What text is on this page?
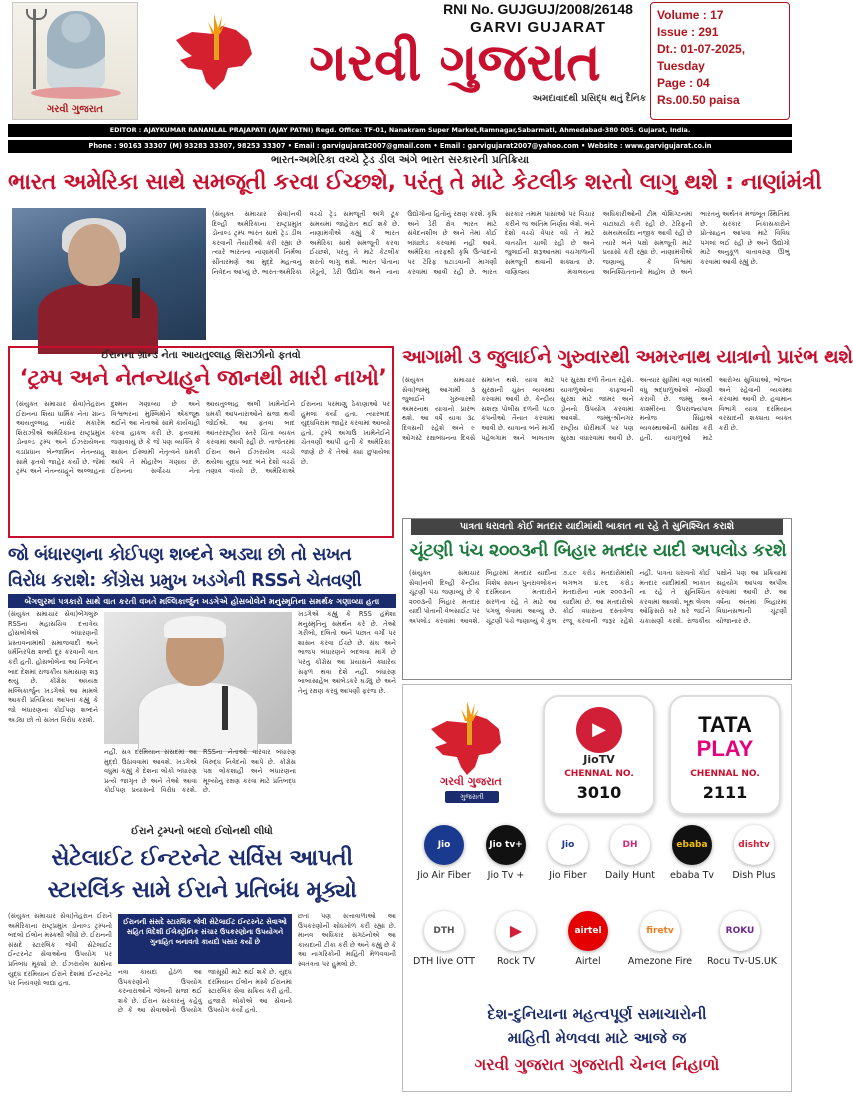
ગરવી ગુજરાત
RNI No. GUJGUJ/2008/26148
GARVI GUJARAT
ગરવી ગુજરાત
અમદાવાદથી પ્રસિદ્ધ થતું દૈનિક
Volume : 17
Issue : 291
Dt.: 01-07-2025,
Tuesday
Page : 04
Rs.00.50 paisa
EDITOR : AJAYKUMAR RANANLAL PRAJAPATI (AJAY PATNI) Regd. Office: TF-01, Nanakram Super Market,Ramnagar,Sabarmati, Ahmedabad-380 005. Gujarat, India.
Phone : 90163 33307 (M) 93283 33307, 98253 33307 • Email : garvigujarat2007@gmail.com • Email : garvigujarat2007@yahoo.com • Website : www.garvigujarat.co.in
ભારત-અમેરિકા વચ્ચે ટ્રેડ ડીલ અંગે ભારત સરકારની પ્રતિક્રિયા
ભારત અમેરિકા સાથે સમજૂતી કરવા ઈચ્છશે, પરંતુ તે માટે કેટલીક શરતો લાગુ થશે : નાણાંમંત્રી
(સંયુક્ત સમાચાર સેવા)નવી દિલ્હી અમેરિકાના રાષ્ટ્રપ્રમુખ ડોનાલ્ડ ટ્રમ્પ ભારત સાથે ટ્રેડ ડીલ કરવાની તૈયારીઓ કરી રહ્યા છે ત્યારે ભારતના નાણામંત્રી નિર્મલા સીતારમણે આ મુદ્દે મહત્વનું નિવેદન આપ્યું છે. ભારત-અમેરિકા વચ્ચે ટ્રેડ સમજૂતી અંગે ટૂંક સમયમાં જાહેરાત થઈ શકે છે. નાણામંત્રીએ કહ્યું કે ભારત અમેરિકા સાથે સમજૂતી કરવા ઈચ્છશે, પરંતુ તે માટે કેટલીક શરતો લાગુ થશે. ભારત પોતાના ખેડૂતો, ડેરી ઉદ્યોગ અને નાના ઉદ્યોગોના હિતોનું રક્ષણ કરશે. કૃષિ અને ડેરી ક્ષેત્ર ભારત માટે સંવેદનશીલ છે અને તેમાં કોઈ બાંધછોડ કરવામાં નહીં આવે. અમેરિકા તરફથી કૃષિ ઉત્પાદનો પર ટેરિફ ઘટાડવાની માગણી કરવામાં આવી રહી છે. ભારત સરકાર તમામ પાસાંઓ પર વિચાર કરીને જ અંતિમ નિર્ણય લેશે. બંને દેશો વચ્ચે વેપાર વધે તે માટે વાતચીત ચાલી રહી છે અને જુલાઈની શરૂઆતમાં વચગાળાની સમજૂતી થવાની શક્યતા છે. વાણિજ્ય મંત્રાલયના અધિકારીઓની ટીમ વોશિંગ્ટનમાં વાટાઘાટો કરી રહી છે. ટેરિફની સમયમર્યાદા નજીક આવી રહી છે ત્યારે બંને પક્ષો સમજૂતી માટે પ્રયાસો કરી રહ્યા છે. નાણામંત્રીએ જણાવ્યું કે વિશ્વમાં અનિશ્ચિતતાનો માહોલ છે અને ભારતનું અર્થતંત્ર મજબૂત સ્થિતિમાં છે. સરકાર નિકાસકારોને પ્રોત્સાહન આપવા માટે વિવિધ પગલાં લઈ રહી છે અને ઉદ્યોગો માટે અનુકૂળ વાતાવરણ ઊભું કરવામાં આવી રહ્યું છે.
ઈરાનના ગ્રાન્ડ નેતા આયતુલ્લાહ શિરાઝીનો ફતવો
‘ટ્રમ્પ અને નેતન્યાહૂને જાનથી મારી નાખો’
(સંયુક્ત સમાચાર સેવા)તેહરાન ઈરાનના શિયા ધાર્મિક નેતા ગ્રાન્ડ આયતુલ્લાહ નાસેર મકારેમ શિરાઝીએ અમેરિકાના રાષ્ટ્રપ્રમુખ ડોનાલ્ડ ટ્રમ્પ અને ઈઝરાયેલના વડાપ્રધાન બેન્જામિન નેતન્યાહૂ સામે ફતવો જાહેર કર્યો છે. જેમાં ટ્રમ્પ અને નેતન્યાહૂને અલ્લાહના દુશ્મન ગણાવ્યા છે અને વિશ્વભરના મુસ્લિમોને એકજૂથ થઈને આ નેતાઓ સામે કાર્યવાહી કરવા હાકલ કરી છે. ફતવામાં જણાવાયું છે કે જે પણ વ્યક્તિ કે શાસન ઈસ્લામી નેતૃત્વને ધમકી આપે તે મોહારેબ ગણાય છે. ઈરાનના સર્વોચ્ચ નેતા આયતુલ્લાહ અલી ખામેનેઈને ધમકી આપનારાઓને સજા થવી જોઈએ. આ ફતવા બાદ આંતરરાષ્ટ્રીય સ્તરે ચિંતા વ્યક્ત કરવામાં આવી રહી છે. તાજેતરમાં ઈરાન અને ઈઝરાયેલ વચ્ચે થયેલા યુદ્ધ બાદ બંને દેશો વચ્ચે તણાવ વધ્યો છે. અમેરિકાએ ઈરાનના પરમાણુ ઠેકાણાઓ પર હુમલા કર્યા હતા. ત્યારબાદ યુદ્ધવિરામ જાહેર કરવામાં આવ્યો હતો. ટ્રમ્પે અગાઉ ખામેનેઈને ચેતવણી આપી હતી કે અમેરિકા જાણે છે કે તેઓ ક્યાં છુપાયેલા છે.
આગામી ૩ જુલાઈને ગુરુવારથી અમરનાથ યાત્રાનો પ્રારંભ થશે
(સંયુક્ત સમાચાર સેવા)જમ્મુ આગામી ૩ જુલાઈને ગુરુવારથી અમરનાથ યાત્રાનો પ્રારંભ થશે. આ વર્ષે યાત્રા ૩૮ દિવસની રહેશે અને ૯ ઓગસ્ટે રક્ષાબંધનના દિવસે સમાપ્ત થશે. યાત્રા માટે સુરક્ષાની ચુસ્ત વ્યવસ્થા કરવામાં આવી છે. કેન્દ્રીય સશસ્ત્ર પોલીસ દળની ૫૮૦ કંપનીઓ તૈનાત કરવામાં આવી છે. યાત્રાના બંને માર્ગો પહેલગામ અને બાલતાલ પર સુરક્ષા દળો તૈનાત રહેશે. યાત્રાળુઓના કાફલાની સુરક્ષા માટે જામર અને ડ્રોનનો ઉપયોગ કરવામાં આવશે. જમ્મુ-શ્રીનગર રાષ્ટ્રીય ધોરીમાર્ગ પર પણ સુરક્ષા વધારવામાં આવી છે. અત્યાર સુધીમાં ત્રણ લાખથી વધુ શ્રદ્ધાળુઓએ નોંધણી કરાવી છે. જમ્મુ અને કાશ્મીરના ઉપરાજ્યપાલ મનોજ સિંહાએ વ્યવસ્થાઓની સમીક્ષા કરી હતી. યાત્રાળુઓ માટે આરોગ્ય સુવિધાઓ, ભોજન અને રહેવાની વ્યવસ્થા કરવામાં આવી છે. હવામાન વિભાગે યાત્રા દરમિયાન વરસાદની શક્યતા વ્યક્ત કરી છે.
પાત્રતા ધરાવતો કોઈ મતદાર યાદીમાંથી બાકાત ના રહે તે સુનિશ્ચિત કરાશે
ચૂંટણી પંચ ૨૦૦૩ની બિહાર મતદાર યાદી અપલોડ કરશે
(સંયુક્ત સમાચાર સેવા)નવી દિલ્હી કેન્દ્રીય ચૂંટણી પંચ જણાવ્યું છે કે ૨૦૦૩ની બિહાર મતદાર યાદી પોતાની વેબસાઈટ પર અપલોડ કરવામાં આવશે. બિહારમાં મતદાર યાદીના વિશેષ સઘન પુનરાવલોકન દરમિયાન મતદારોને સરળતા રહે તે માટે આ પગલું લેવામાં આવ્યું છે. ચૂંટણી પંચે જણાવ્યું કે કુલ ૭.૮૯ કરોડ મતદારોમાંથી લગભગ ૪.૯૬ કરોડ મતદારોના નામ ૨૦૦૩ની યાદીમાં છે. આ મતદારોએ કોઈ વધારાના દસ્તાવેજ રજૂ કરવાની જરૂર રહેશે નહીં. પાત્રતા ધરાવતો કોઈ મતદાર યાદીમાંથી બાકાત ના રહે તે સુનિશ્ચિત કરવામાં આવશે. બૂથ લેવલ ઓફિસરો ઘરે ઘરે જઈને ચકાસણી કરશે. રાજકીય પક્ષોને પણ આ પ્રક્રિયામાં સહયોગ આપવા અપીલ કરવામાં આવી છે. આ વર્ષના અંતમાં બિહારમાં વિધાનસભાની ચૂંટણી યોજાનાર છે.
જો બંધારણના કોઈપણ શબ્દને અડ્યા છો તો સખત
વિરોધ કરાશે: કોંગ્રેસ પ્રમુખ ખડગેની RSSને ચેતવણી
બેંગલુરમાં પત્રકારો સાથે વાત કરતી વખતે મલ્લિકાર્જુન ખડગેએ હોસબોલેને મનુસ્મૃતિના સમર્થક ગણાવ્યા હતા
(સંયુક્ત સમાચાર સેવા)બેંગલુરુ RSSના મહાસચિવ દત્તાત્રેય હોસબોલેએ બંધારણની પ્રસ્તાવનામાંથી સમાજવાદી અને ધર્મનિરપેક્ષ શબ્દો દૂર કરવાની વાત કરી હતી. હોસબોલેના આ નિવેદન બાદ દેશમાં રાજકીય ઘમાસાણ શરૂ થયું છે. કોંગ્રેસ અધ્યક્ષ મલ્લિકાર્જુન ખડગેએ આ મામલે આકરી પ્રતિક્રિયા આપતાં કહ્યું કે જો બંધારણના કોઈપણ શબ્દને અડ્યા છો તો સખત વિરોધ કરાશે.
ખડગેએ કહ્યું કે RSS હંમેશા મનુસ્મૃતિનું સમર્થન કરે છે. તેઓ ગરીબો, દલિતો અને પછાત વર્ગો પર શાસન કરવા ઈચ્છે છે. સંઘ અને ભાજપ બંધારણને બદલવા માંગે છે પરંતુ કોંગ્રેસ આ પ્રયાસને ક્યારેય સફળ થવા દેશે નહીં. બંધારણ બાબાસાહેબ આંબેડકરે ઘડ્યું છે અને તેનું રક્ષણ કરવું આપણી ફરજ છે.
નહીં. સત્ર દરમિયાન સંસદમાં આ મુદ્દો ઉઠાવવામાં આવશે. ખડગેએ વધુમાં કહ્યું કે દેશના લોકો બંધારણ પ્રત્યે જાગૃત છે અને તેઓ આવા કોઈપણ પ્રયાસનો વિરોધ કરશે. RSSના નેતાઓ વારંવાર બંધારણ વિરુદ્ધ નિવેદનો આપે છે. કોંગ્રેસ પક્ષ લોકશાહી અને બંધારણના મૂલ્યોનું રક્ષણ કરવા માટે પ્રતિબદ્ધ છે.
ઈરાને ટ્રમ્પનો બદલો ઈલોનથી લીધો
સેટેલાઈટ ઈન્ટરનેટ સર્વિસ આપતી
સ્ટારલિંક સામે ઈરાને પ્રતિબંધ મૂક્યો
(સંયુક્ત સમાચાર સેવા)તેહરાન ઈરાને અમેરિકાના રાષ્ટ્રપ્રમુખ ડોનાલ્ડ ટ્રમ્પનો બદલો ઈલોન મસ્કથી લીધો છે. ઈરાનની સંસદે સ્ટારલિંક જેવી સેટેલાઈટ ઈન્ટરનેટ સેવાઓના ઉપયોગ પર પ્રતિબંધ મૂક્યો છે. ઈઝરાયેલ સાથેના યુદ્ધ દરમિયાન ઈરાને દેશમાં ઈન્ટરનેટ પર નિયંત્રણો લાદ્યા હતા.
ઈરાનની સંસદે સ્ટારલિંક જેવી સેટેલાઈટ ઈન્ટરનેટ સેવાઓ સહિત વિદેશી ઈલેક્ટ્રોનિક સંચાર ઉપકરણોના ઉપયોગને ગુનાહિત બનાવતો કાયદો પસાર કર્યો છે
નવા કાયદા હેઠળ આ ઉપકરણોનો ઉપયોગ કરનારાઓને જેલની સજા થઈ શકે છે. ઈરાન સરકારનું કહેવું છે કે આ સેવાઓનો ઉપયોગ જાસૂસી માટે થઈ શકે છે. યુદ્ધ દરમિયાન ઈલોન મસ્કે ઈરાનમાં સ્ટારલિંક સેવા સક્રિય કરી હતી. હજારો લોકોએ આ સેવાનો ઉપયોગ કર્યો હતો.
છતાં પણ સત્તાવાળાઓ આ ઉપકરણોની શોધખોળ કરી રહ્યા છે. માનવ અધિકાર સંગઠનોએ આ કાયદાની ટીકા કરી છે અને કહ્યું છે કે આ નાગરિકોની માહિતી મેળવવાની સ્વતંત્રતા પર હુમલો છે.
ગરવી ગુજરાત
ગુજરાતી
▶
JioTV
CHENNAL NO.
3010
TATA
PLAY
CHENNAL NO.
2111
Jio
Jio Air Fiber
Jio tv+
Jio Tv +
Jio
Jio Fiber
DH
Daily Hunt
ebaba
ebaba Tv
dishtv
Dish Plus
DTH
DTH live OTT
▶
Rock TV
airtel
Airtel
firetv
Amezone Fire
ROKU
Rocu Tv-US.UK
દેશ-દુનિયાના મહત્વપૂર્ણ સમાચારોની
માહિતી મેળવવા માટે આજે જ
ગરવી ગુજરાત ગુજરાતી ચેનલ નિહાળો
